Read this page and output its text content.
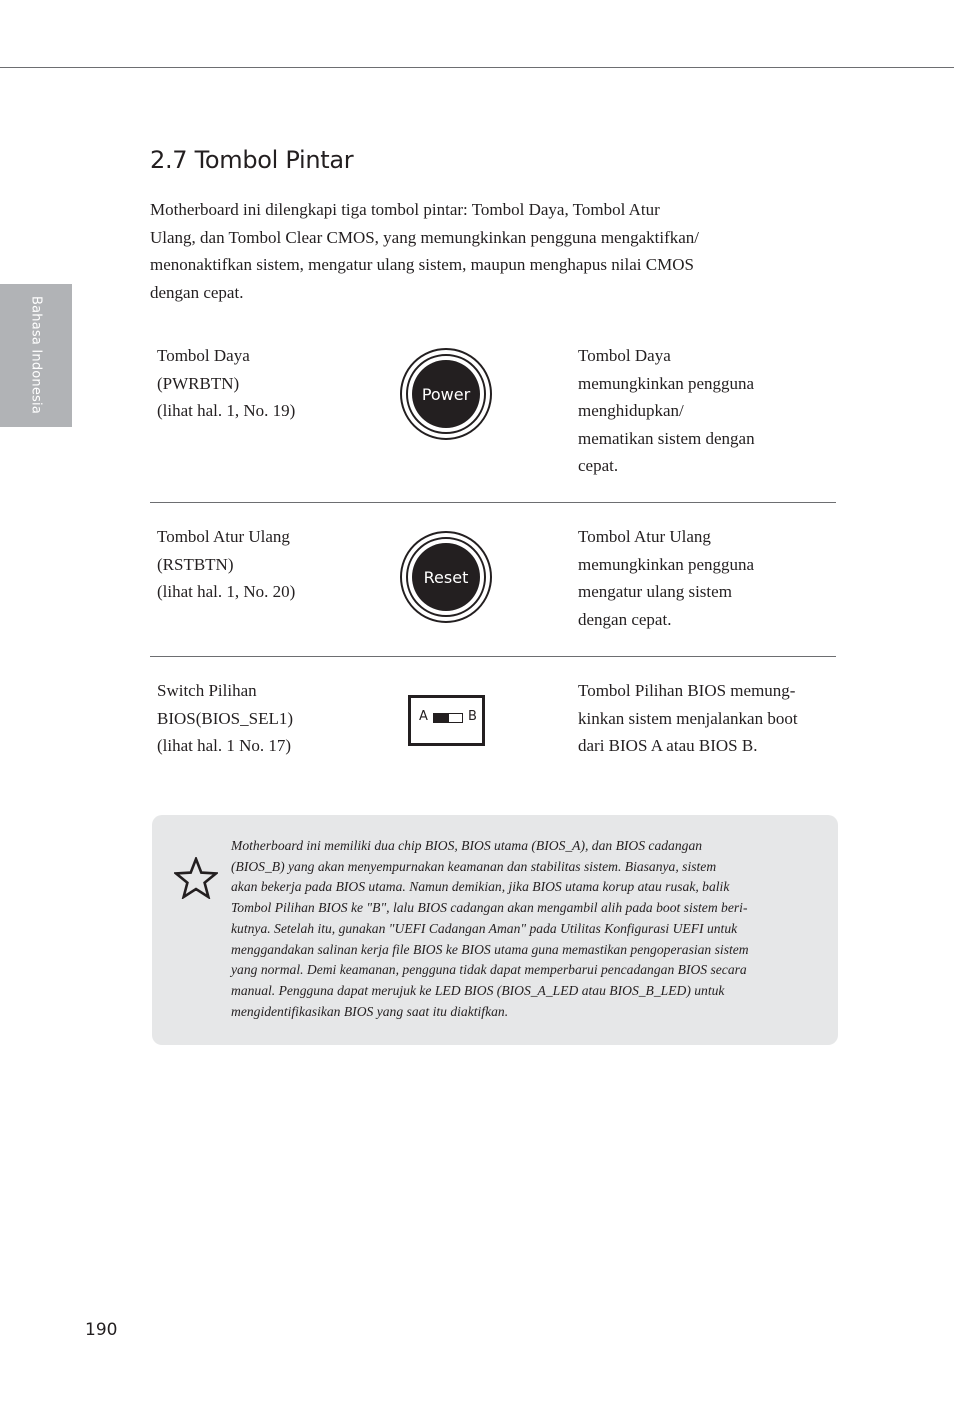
Bahasa Indonesia
2.7 Tombol Pintar
Motherboard ini dilengkapi tiga tombol pintar: Tombol Daya, Tombol Atur
Ulang, dan Tombol Clear CMOS, yang memungkinkan pengguna mengaktifkan/
menonaktifkan sistem, mengatur ulang sistem, maupun menghapus nilai CMOS
dengan cepat.
Tombol Daya
(PWRBTN)
(lihat hal. 1, No. 19)
Tombol Daya
memungkinkan pengguna
menghidupkan/
mematikan sistem dengan
cepat.
Power
Tombol Atur Ulang
(RSTBTN)
(lihat hal. 1, No. 20)
Tombol Atur Ulang
memungkinkan pengguna
mengatur ulang sistem
dengan cepat.
Reset
Switch Pilihan
BIOS(BIOS_SEL1)
(lihat hal. 1 No. 17)
Tombol Pilihan BIOS memung-
kinkan sistem menjalankan boot
dari BIOS A atau BIOS B.
A	B
Motherboard ini memiliki dua chip BIOS, BIOS utama (BIOS_A), dan BIOS cadangan
(BIOS_B) yang akan menyempurnakan keamanan dan stabilitas sistem. Biasanya, sistem
akan bekerja pada BIOS utama. Namun demikian, jika BIOS utama korup atau rusak, balik
Tombol Pilihan BIOS ke "B", lalu BIOS cadangan akan mengambil alih pada boot sistem beri-
kutnya. Setelah itu, gunakan "UEFI Cadangan Aman" pada Utilitas Konfigurasi UEFI untuk
menggandakan salinan kerja file BIOS ke BIOS utama guna memastikan pengoperasian sistem
yang normal. Demi keamanan, pengguna tidak dapat memperbarui pencadangan BIOS secara
manual. Pengguna dapat merujuk ke LED BIOS (BIOS_A_LED atau BIOS_B_LED) untuk
mengidentifikasikan BIOS yang saat itu diaktifkan.
190
